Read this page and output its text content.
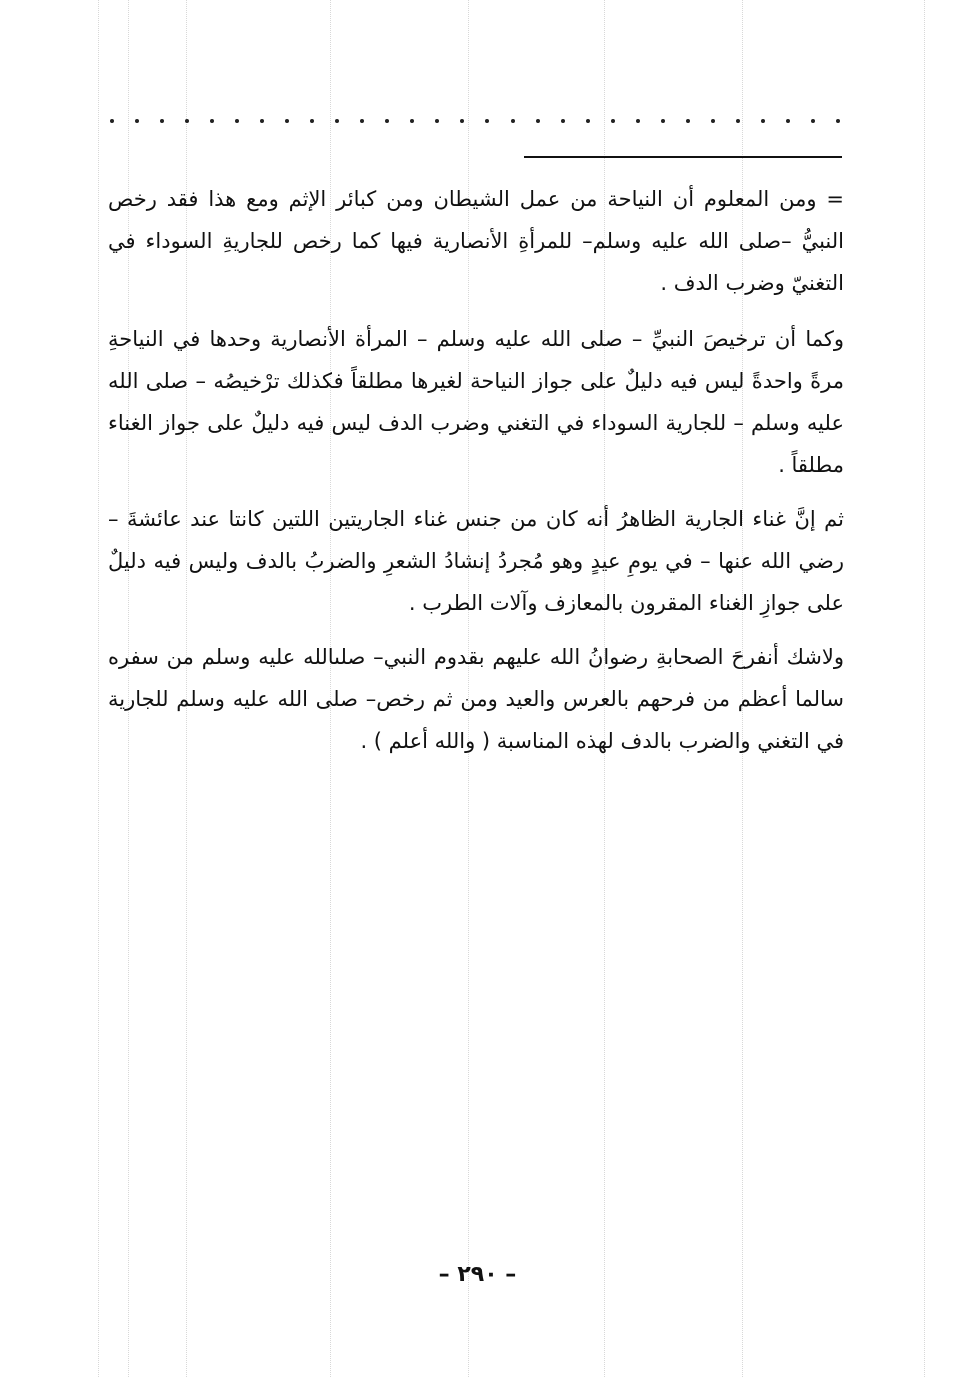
= ومن المعلوم أن النياحة من عمل الشيطان ومن كبائر الإثم ومع هذا فقد رخص النبيُّ –صلى الله عليه وسلم– للمرأةِ الأنصارية فيها كما رخص للجاريةِ السوداء في التغنيّ وضرب الدف .

وكما أن ترخيصَ النبيِّ – صلى الله عليه وسلم – المرأة الأنصارية وحدها في النياحةِ مرةً واحدةً ليس فيه دليلٌ على جواز النياحة لغيرها مطلقاً فكذلك ترْخيصُه – صلى الله عليه وسلم – للجارية السوداء في التغني وضرب الدف ليس فيه دليلٌ على جواز الغناء مطلقاً .

ثم إنَّ غناء الجارية الظاهرُ أنه كان من جنس غناء الجاريتين اللتين كانتا عند عائشةَ – رضي الله عنها – في يومِ عيدٍ وهو مُجردُ إنشادُ الشعرِ والضربُ بالدف وليس فيه دليلٌ على جوازِ الغناء المقرون بالمعازف وآلات الطرب .

ولاشك أنفرحَ الصحابةِ رضوانُ الله عليهم بقدوم النبي– صلىالله عليه وسلم من سفره سالما أعظم من فرحهم بالعرس والعيد ومن ثم رخص– صلى الله عليه وسلم للجارية في التغني والضرب بالدف لهذه المناسبة ( والله أعلم ) .

– ٢٩٠ –
